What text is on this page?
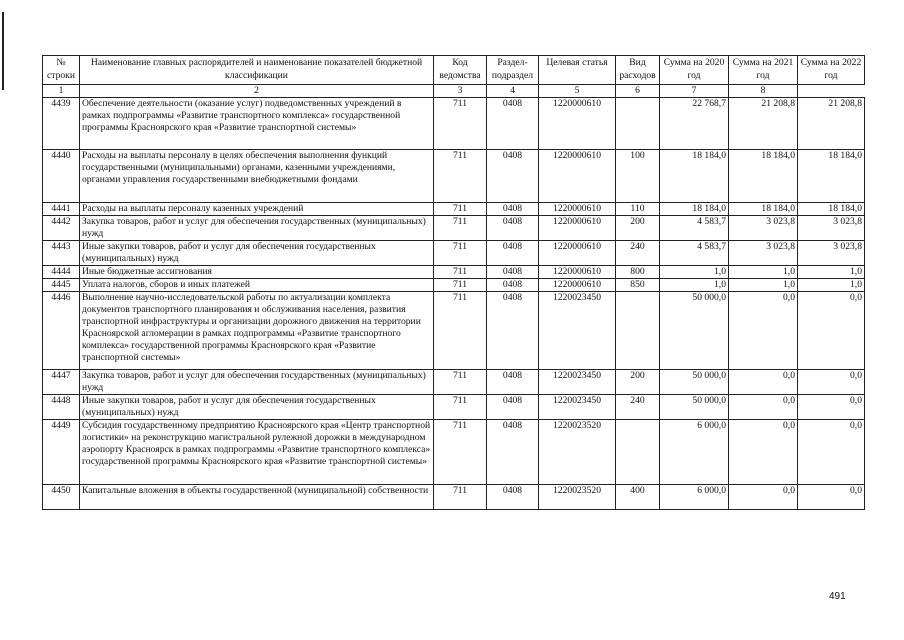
№ строки	Наименование главных распорядителей и наименование показателей бюджетной классификации	Код ведомства	Раздел-подраздел	Целевая статья	Вид расходов	Сумма на 2020 год	Сумма на 2021 год	Сумма на 2022 год
1	2	3	4	5	6	7	8	
4439	Обеспечение деятельности (оказание услуг) подведомственных учреждений в рамках подпрограммы «Развитие транспортного комплекса» государственной программы Красноярского края «Развитие транспортной системы»	711	0408	1220000610		22 768,7	21 208,8	21 208,8
4440	Расходы на выплаты персоналу в целях обеспечения выполнения функций государственными (муниципальными) органами, казенными учреждениями, органами управления государственными внебюджетными фондами	711	0408	1220000610	100	18 184,0	18 184,0	18 184,0
4441	Расходы на выплаты персоналу казенных учреждений	711	0408	1220000610	110	18 184,0	18 184,0	18 184,0
4442	Закупка товаров, работ и услуг для обеспечения государственных (муниципальных) нужд	711	0408	1220000610	200	4 583,7	3 023,8	3 023,8
4443	Иные закупки товаров, работ и услуг для обеспечения государственных (муниципальных) нужд	711	0408	1220000610	240	4 583,7	3 023,8	3 023,8
4444	Иные бюджетные ассигнования	711	0408	1220000610	800	1,0	1,0	1,0
4445	Уплата налогов, сборов и иных платежей	711	0408	1220000610	850	1,0	1,0	1,0
4446	Выполнение научно-исследовательской работы по актуализации комплекта документов транспортного планирования и обслуживания населения, развития транспортной инфраструктуры и организации дорожного движения на территории Красноярской агломерации в рамках подпрограммы «Развитие транспортного комплекса» государственной программы Красноярского края «Развитие транспортной системы»	711	0408	1220023450		50 000,0	0,0	0,0
4447	Закупка товаров, работ и услуг для обеспечения государственных (муниципальных) нужд	711	0408	1220023450	200	50 000,0	0,0	0,0
4448	Иные закупки товаров, работ и услуг для обеспечения государственных (муниципальных) нужд	711	0408	1220023450	240	50 000,0	0,0	0,0
4449	Субсидия государственному предприятию Красноярского края «Центр транспортной логистики» на реконструкцию магистральной рулежной дорожки в международном аэропорту Красноярск в рамках подпрограммы «Развитие транспортного комплекса» государственной программы Красноярского края «Развитие транспортной системы»	711	0408	1220023520		6 000,0	0,0	0,0
4450	Капитальные вложения в объекты государственной (муниципальной) собственности	711	0408	1220023520	400	6 000,0	0,0	0,0
491
